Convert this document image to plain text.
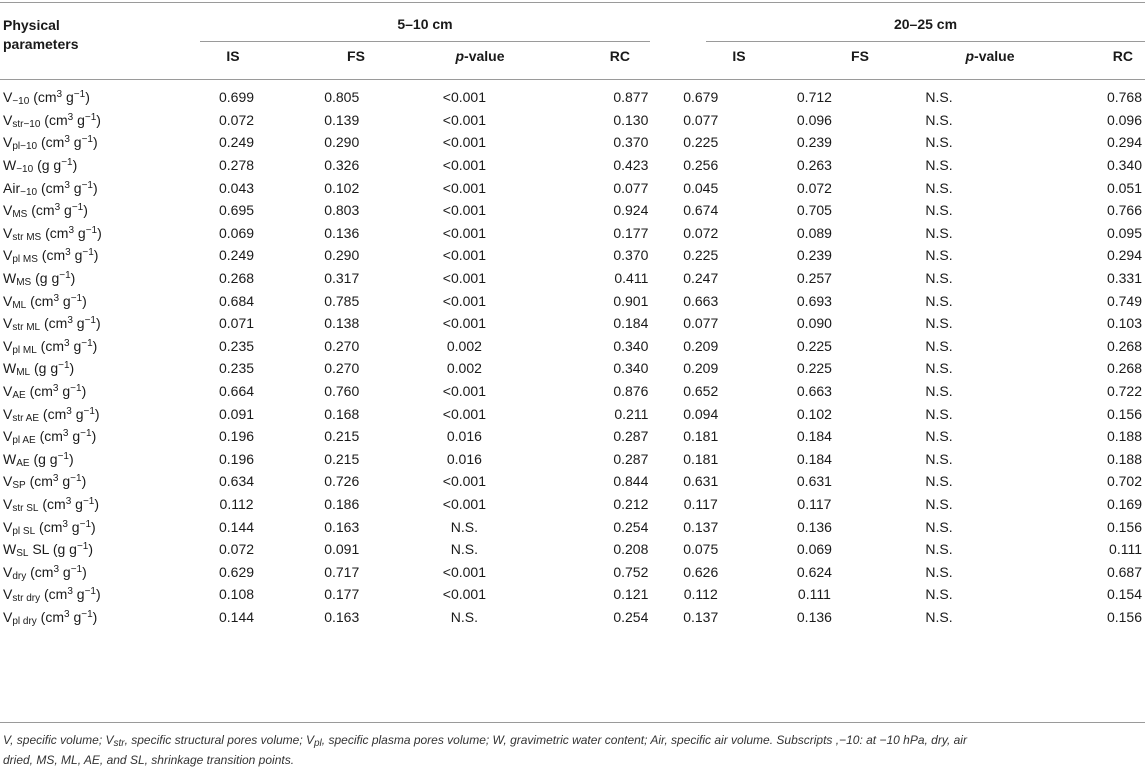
Physical parameters
5–10 cm	20–25 cm
IS	FS	p-value	RC	IS	FS	p-value	RC
$V_{-10}$ ($cm^3$ $g^{-1}$)	0.699	0.805	<0.001	0.877	0.679	0.712	N.S.	0.768
$V_{str-10}$ ($cm^3$ $g^{-1}$)	0.072	0.139	<0.001	0.130	0.077	0.096	N.S.	0.096
$V_{pl-10}$ ($cm^3$ $g^{-1}$)	0.249	0.290	<0.001	0.370	0.225	0.239	N.S.	0.294
$W_{-10}$ (g $g^{-1}$)	0.278	0.326	<0.001	0.423	0.256	0.263	N.S.	0.340
Air$_{-10}$ ($cm^3$ $g^{-1}$)	0.043	0.102	<0.001	0.077	0.045	0.072	N.S.	0.051
$V_{MS}$ ($cm^3$ $g^{-1}$)	0.695	0.803	<0.001	0.924	0.674	0.705	N.S.	0.766
$V_{str MS}$ ($cm^3$ $g^{-1}$)	0.069	0.136	<0.001	0.177	0.072	0.089	N.S.	0.095
$V_{pl MS}$ ($cm^3$ $g^{-1}$)	0.249	0.290	<0.001	0.370	0.225	0.239	N.S.	0.294
$W_{MS}$ (g $g^{-1}$)	0.268	0.317	<0.001	0.411	0.247	0.257	N.S.	0.331
$V_{ML}$ ($cm^3$ $g^{-1}$)	0.684	0.785	<0.001	0.901	0.663	0.693	N.S.	0.749
$V_{str ML}$ ($cm^3$ $g^{-1}$)	0.071	0.138	<0.001	0.184	0.077	0.090	N.S.	0.103
$V_{pl ML}$ ($cm^3$ $g^{-1}$)	0.235	0.270	0.002	0.340	0.209	0.225	N.S.	0.268
$W_{ML}$ (g $g^{-1}$)	0.235	0.270	0.002	0.340	0.209	0.225	N.S.	0.268
$V_{AE}$ ($cm^3$ $g^{-1}$)	0.664	0.760	<0.001	0.876	0.652	0.663	N.S.	0.722
$V_{str AE}$ ($cm^3$ $g^{-1}$)	0.091	0.168	<0.001	0.211	0.094	0.102	N.S.	0.156
$V_{pl AE}$ ($cm^3$ $g^{-1}$)	0.196	0.215	0.016	0.287	0.181	0.184	N.S.	0.188
$W_{AE}$ (g $g^{-1}$)	0.196	0.215	0.016	0.287	0.181	0.184	N.S.	0.188
$V_{SP}$ ($cm^3$ $g^{-1}$)	0.634	0.726	<0.001	0.844	0.631	0.631	N.S.	0.702
$V_{str SL}$ ($cm^3$ $g^{-1}$)	0.112	0.186	<0.001	0.212	0.117	0.117	N.S.	0.169
$V_{pl SL}$ ($cm^3$ $g^{-1}$)	0.144	0.163	N.S.	0.254	0.137	0.136	N.S.	0.156
$W_{SL}$ SL (g $g^{-1}$)	0.072	0.091	N.S.	0.208	0.075	0.069	N.S.	0.111
$V_{dry}$ ($cm^3$ $g^{-1}$)	0.629	0.717	<0.001	0.752	0.626	0.624	N.S.	0.687
$V_{str dry}$ ($cm^3$ $g^{-1}$)	0.108	0.177	<0.001	0.121	0.112	0.111	N.S.	0.154
$V_{pl dry}$ ($cm^3$ $g^{-1}$)	0.144	0.163	N.S.	0.254	0.137	0.136	N.S.	0.156
V, specific volume; $V_{str}$, specific structural pores volume; $V_{pl}$, specific plasma pores volume; W, gravimetric water content; Air, specific air volume. Subscripts ,−10: at −10 hPa, dry, air
dried, MS, ML, AE, and SL, shrinkage transition points.
